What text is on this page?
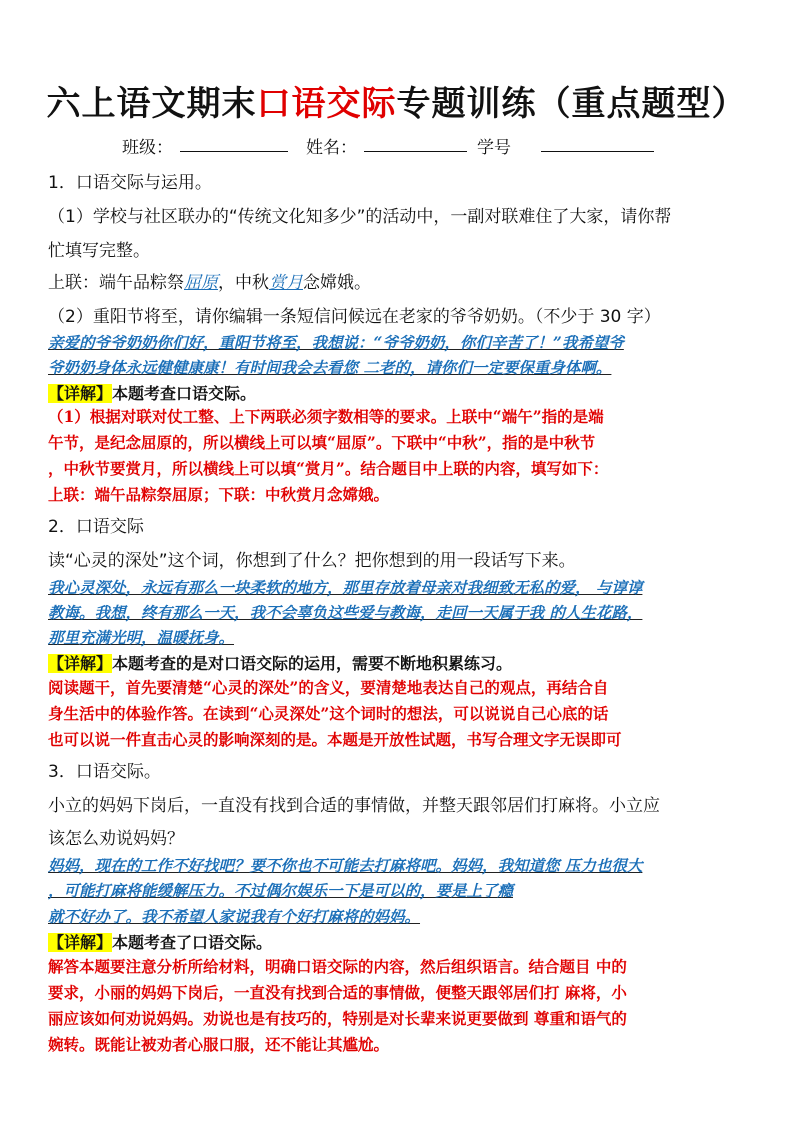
六上语文期末口语交际专题训练（重点题型）
班级：	姓名：	学号
1．口语交际与运用。
（1）学校与社区联办的“传统文化知多少”的活动中，一副对联难住了大家，请你帮
忙填写完整。
上联：端午品粽祭屈原，中秋赏月念嫦娥。
（2）重阳节将至，请你编辑一条短信问候远在老家的爷爷奶奶。（不少于 30 字）
亲爱的爷爷奶奶你们好，重阳节将至，我想说：“爷爷奶奶，你们辛苦了！”我希望爷
爷奶奶身体永远健健康康！有时间我会去看您 二老的，请你们一定要保重身体啊。
【详解】本题考查口语交际。
（1）根据对联对仗工整、上下两联必须字数相等的要求。上联中“端午”指的是端
午节，是纪念屈原的，所以横线上可以填“屈原”。下联中“中秋”，指的是中秋节
，中秋节要赏月，所以横线上可以填“赏月”。结合题目中上联的内容，填写如下：
上联：端午品粽祭屈原；下联：中秋赏月念嫦娥。
2．口语交际
读“心灵的深处”这个词，你想到了什么？把你想到的用一段话写下来。
我心灵深处，永远有那么一块柔软的地方，那里存放着母亲对我细致无私的爱， 与谆谆
教诲。我想，终有那么一天，我不会辜负这些爱与教诲，走回一天属于我 的人生花路，
那里充满光明，温暖抚身。
【详解】本题考查的是对口语交际的运用，需要不断地积累练习。
阅读题干，首先要清楚“心灵的深处”的含义，要清楚地表达自己的观点，再结合自
身生活中的体验作答。在读到“心灵深处”这个词时的想法，可以说说自己心底的话
也可以说一件直击心灵的影响深刻的是。本题是开放性试题，书写合理文字无误即可
3．口语交际。
小立的妈妈下岗后，一直没有找到合适的事情做，并整天跟邻居们打麻将。小立应
该怎么劝说妈妈？
妈妈，现在的工作不好找吧？要不你也不可能去打麻将吧。妈妈，我知道您 压力也很大
，可能打麻将能缓解压力。不过偶尔娱乐一下是可以的，要是上了瘾
就不好办了。我不希望人家说我有个好打麻将的妈妈。
【详解】本题考查了口语交际。
解答本题要注意分析所给材料，明确口语交际的内容，然后组织语言。结合题目 中的
要求，小丽的妈妈下岗后，一直没有找到合适的事情做，便整天跟邻居们打 麻将，小
丽应该如何劝说妈妈。劝说也是有技巧的，特别是对长辈来说更要做到 尊重和语气的
婉转。既能让被劝者心服口服，还不能让其尴尬。
